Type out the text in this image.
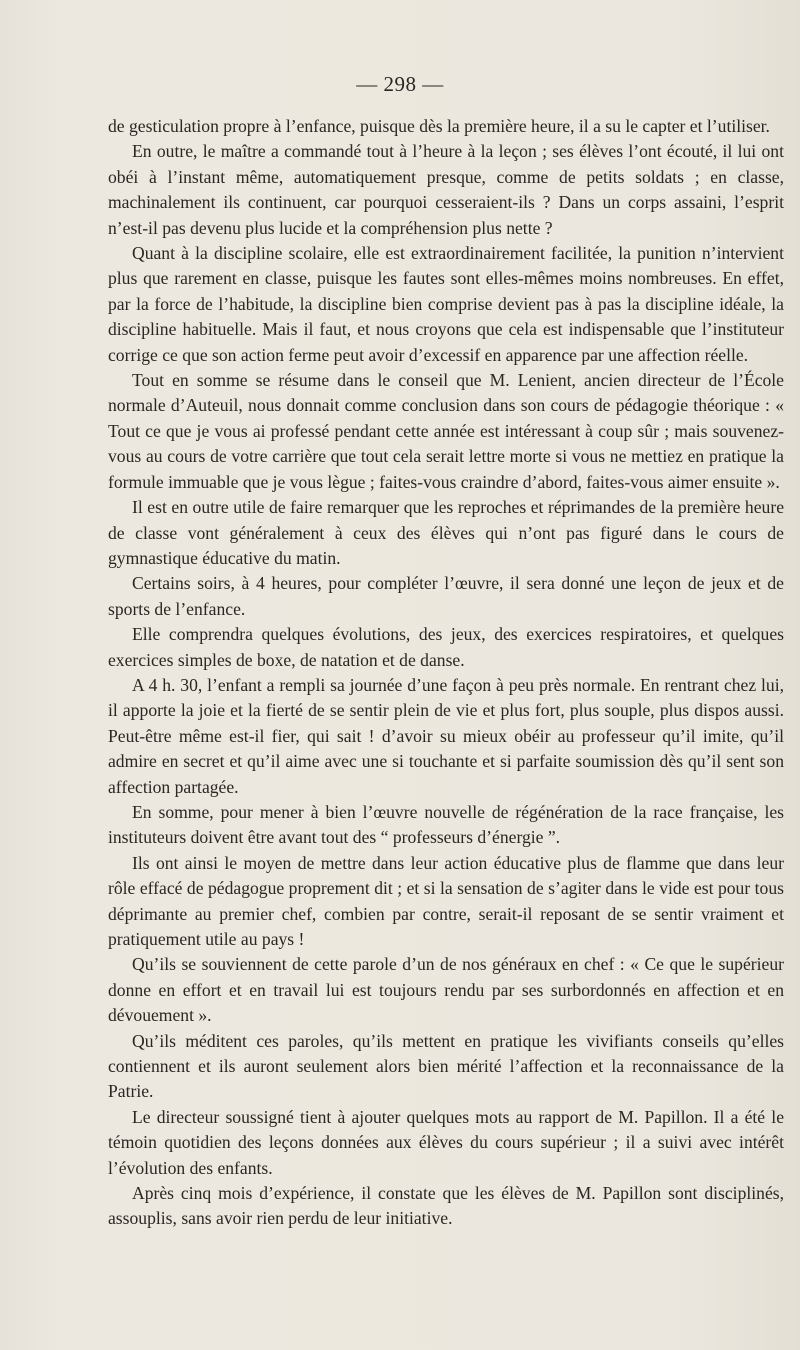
— 298 —

de gesticulation propre à l’enfance, puisque dès la première heure, il a su le capter et l’utiliser.

En outre, le maître a commandé tout à l’heure à la leçon ; ses élèves l’ont écouté, il lui ont obéi à l’instant même, automatiquement presque, comme de petits soldats ; en classe, machinalement ils continuent, car pourquoi cesseraient-ils ? Dans un corps assaini, l’esprit n’est-il pas devenu plus lucide et la compréhension plus nette ?

Quant à la discipline scolaire, elle est extraordinairement facilitée, la punition n’intervient plus que rarement en classe, puisque les fautes sont elles-mêmes moins nombreuses. En effet, par la force de l’habitude, la discipline bien comprise devient pas à pas la discipline idéale, la discipline habituelle. Mais il faut, et nous croyons que cela est indispensable que l’instituteur corrige ce que son action ferme peut avoir d’excessif en apparence par une affection réelle.

Tout en somme se résume dans le conseil que M. Lenient, ancien directeur de l’École normale d’Auteuil, nous donnait comme conclusion dans son cours de pédagogie théorique : « Tout ce que je vous ai professé pendant cette année est intéressant à coup sûr ; mais souvenez-vous au cours de votre carrière que tout cela serait lettre morte si vous ne mettiez en pratique la formule immuable que je vous lègue ; faites-vous craindre d’abord, faites-vous aimer ensuite ».

Il est en outre utile de faire remarquer que les reproches et réprimandes de la première heure de classe vont généralement à ceux des élèves qui n’ont pas figuré dans le cours de gymnastique éducative du matin.

Certains soirs, à 4 heures, pour compléter l’œuvre, il sera donné une leçon de jeux et de sports de l’enfance.

Elle comprendra quelques évolutions, des jeux, des exercices respiratoires, et quelques exercices simples de boxe, de natation et de danse.

A 4 h. 30, l’enfant a rempli sa journée d’une façon à peu près normale. En rentrant chez lui, il apporte la joie et la fierté de se sentir plein de vie et plus fort, plus souple, plus dispos aussi. Peut-être même est-il fier, qui sait ! d’avoir su mieux obéir au professeur qu’il imite, qu’il admire en secret et qu’il aime avec une si touchante et si parfaite soumission dès qu’il sent son affection partagée.

En somme, pour mener à bien l’œuvre nouvelle de régénération de la race française, les instituteurs doivent être avant tout des “ professeurs d’énergie ”.

Ils ont ainsi le moyen de mettre dans leur action éducative plus de flamme que dans leur rôle effacé de pédagogue proprement dit ; et si la sensation de s’agiter dans le vide est pour tous déprimante au premier chef, combien par contre, serait-il reposant de se sentir vraiment et pratiquement utile au pays !

Qu’ils se souviennent de cette parole d’un de nos généraux en chef : « Ce que le supérieur donne en effort et en travail lui est toujours rendu par ses surbordonnés en affection et en dévouement ».

Qu’ils méditent ces paroles, qu’ils mettent en pratique les vivifiants conseils qu’elles contiennent et ils auront seulement alors bien mérité l’affection et la reconnaissance de la Patrie.

Le directeur soussigné tient à ajouter quelques mots au rapport de M. Papillon. Il a été le témoin quotidien des leçons données aux élèves du cours supérieur ; il a suivi avec intérêt l’évolution des enfants.

Après cinq mois d’expérience, il constate que les élèves de M. Papillon sont disciplinés, assouplis, sans avoir rien perdu de leur initiative.
